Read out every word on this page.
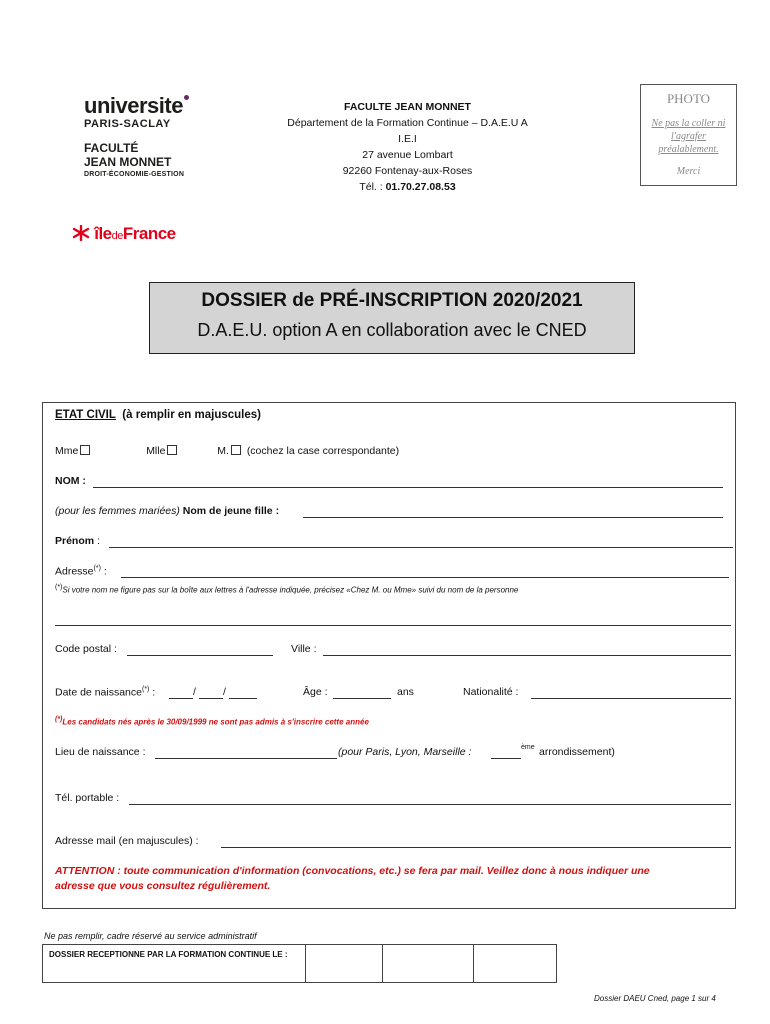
universite
PARIS-SACLAY
FACULTÉ
JEAN MONNET
DROIT-ÉCONOMIE-GESTION
îledeFrance
FACULTE JEAN MONNET
Département de la Formation Continue – D.A.E.U A
I.E.I
27 avenue Lombart
92260 Fontenay-aux-Roses
Tél. : 01.70.27.08.53
PHOTO
Ne pas la coller ni l'agrafer préalablement.
Merci
DOSSIER de PRÉ-INSCRIPTION 2020/2021
D.A.E.U. option A en collaboration avec le CNED
ETAT CIVIL (à remplir en majuscules)
Mme	Mlle	M. (cochez la case correspondante)
NOM :
(pour les femmes mariées) Nom de jeune fille :
Prénom :
Adresse(*) :
(*)Si votre nom ne figure pas sur la boîte aux lettres à l'adresse indiquée, précisez «Chez M. ou Mme» suivi du nom de la personne
Code postal :	Ville :
Date de naissance(*) :	/	/	Âge :	ans	Nationalité :
(*)Les candidats nés après le 30/09/1999 ne sont pas admis à s'inscrire cette année
Lieu de naissance :	(pour Paris, Lyon, Marseille :	ème arrondissement)
Tél. portable :
Adresse mail (en majuscules) :
ATTENTION : toute communication d'information (convocations, etc.) se fera par mail. Veillez donc à nous indiquer une
adresse que vous consultez régulièrement.
Ne pas remplir, cadre réservé au service administratif
DOSSIER RECEPTIONNE PAR LA FORMATION CONTINUE LE :			
Dossier DAEU Cned, page 1 sur 4
